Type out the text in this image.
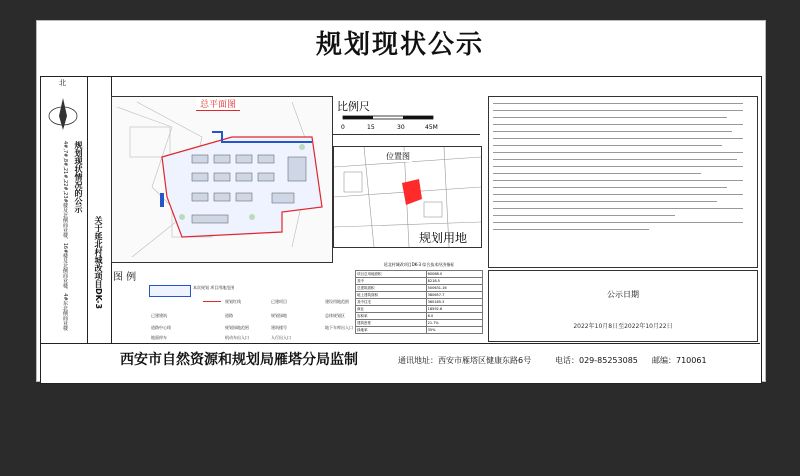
规划现状公示
北
规划现状情况的公示
4#,7#,8#,21#,22#,23#楼及北侧商业楼、16#楼及北侧商业楼、4#东北侧商业楼	关于延北村城改项目DK-3
总平面图
图 例
本次规划 项目用地范围
规划红线	已建项目	建设用地范围
已建建筑	道路	规划绿地	总体规划区
道路中心线	规划绿地范围	建筑楼号	地下车库出入口
地面停车	机动车出入口	人行出入口
比例尺
0	15	30	45M
位置图
规划用地
延北村城改项目DK-3 综合技术经济指标
项目总用地面积	60068.0
其中	8218.5
总建筑面积	500631.16
地上建筑面积	380657.7
其中住宅	360185.3
商业	18592.6
容积率	6.0
建筑密度	21.7%
绿地率	35%
公示日期
2022年10月8日至2022年10月22日
西安市自然资源和规划局雁塔分局监制	通讯地址：西安市雁塔区健康东路6号	电话：029-85253085 邮编：710061
